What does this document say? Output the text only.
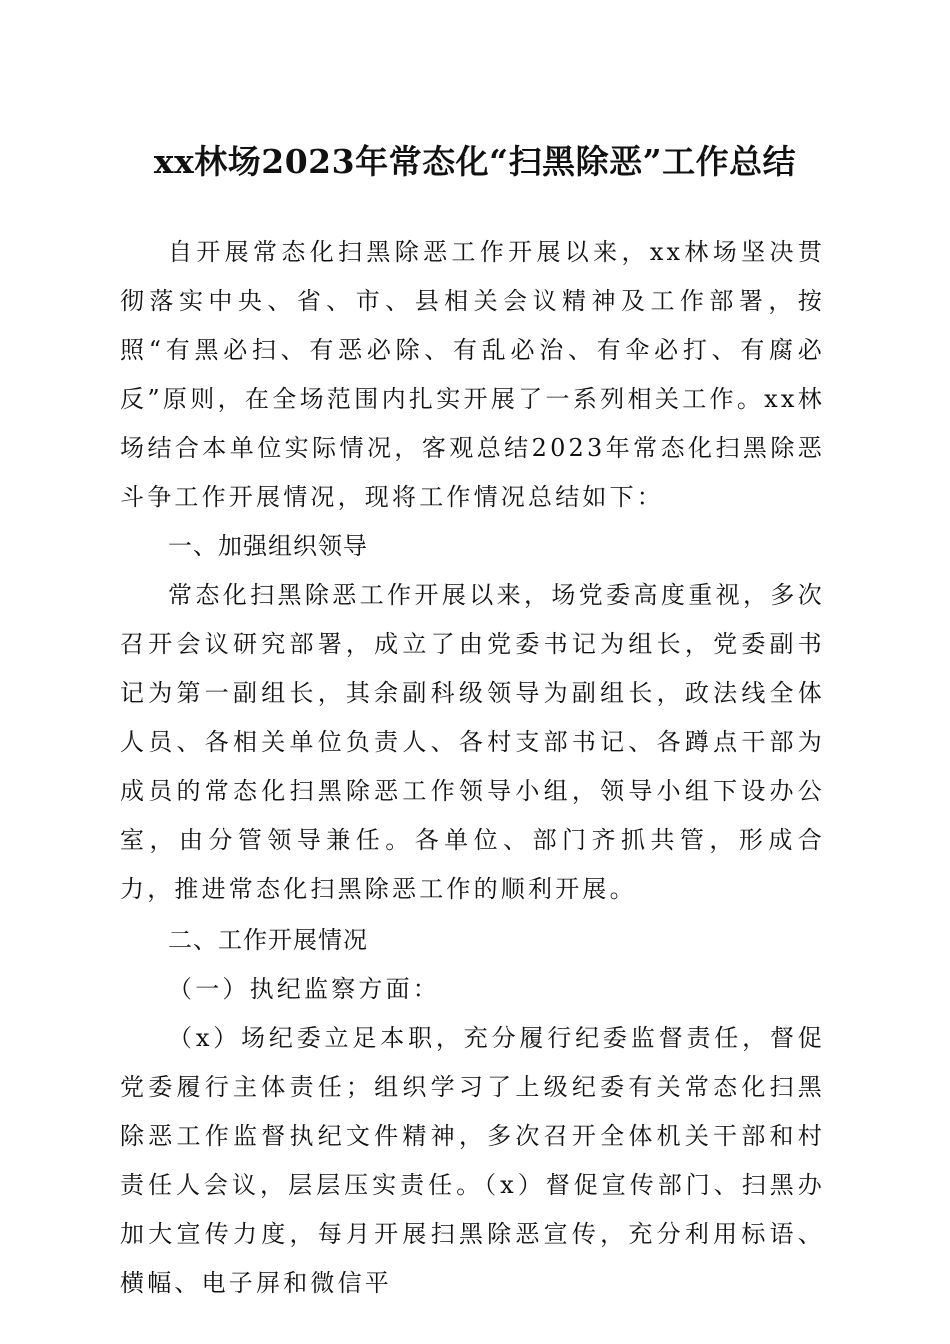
xx林场2023年常态化“扫黑除恶”工作总结

自开展常态化扫黑除恶工作开展以来，xx林场坚决贯彻落实中央、省、市、县相关会议精神及工作部署，按照“有黑必扫、有恶必除、有乱必治、有伞必打、有腐必反”原则，在全场范围内扎实开展了一系列相关工作。xx林场结合本单位实际情况，客观总结2023年常态化扫黑除恶斗争工作开展情况，现将工作情况总结如下：

一、加强组织领导

常态化扫黑除恶工作开展以来，场党委高度重视，多次召开会议研究部署，成立了由党委书记为组长，党委副书记为第一副组长，其余副科级领导为副组长，政法线全体人员、各相关单位负责人、各村支部书记、各蹲点干部为成员的常态化扫黑除恶工作领导小组，领导小组下设办公室，由分管领导兼任。各单位、部门齐抓共管，形成合力，推进常态化扫黑除恶工作的顺利开展。

二、工作开展情况

（一）执纪监察方面：

（x）场纪委立足本职，充分履行纪委监督责任，督促党委履行主体责任；组织学习了上级纪委有关常态化扫黑除恶工作监督执纪文件精神，多次召开全体机关干部和村责任人会议，层层压实责任。（x）督促宣传部门、扫黑办加大宣传力度，每月开展扫黑除恶宣传，充分利用标语、横幅、电子屏和微信平
